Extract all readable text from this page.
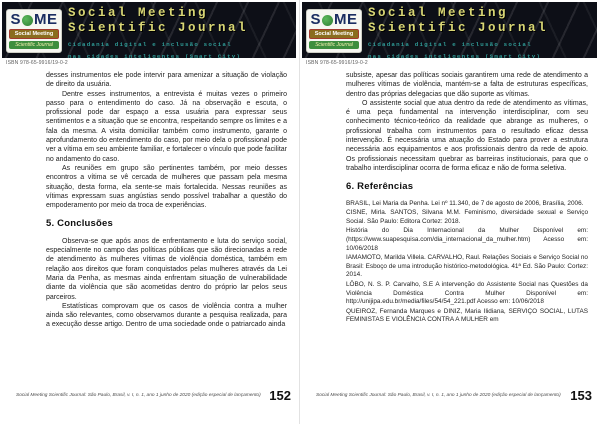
S ME
Social Meeting
Scientific Journal
Social Meeting
Scientific Journal
Cidadania digital e inclusão social
nas cidades inteligentes (Smart City)
ISBN 978-65-9916/19-0-2

desses instrumentos ele pode intervir para amenizar a situação de violação de direito da usuária.

Dentre esses instrumentos, a entrevista é muitas vezes o primeiro passo para o entendimento do caso. Já na observação e escuta, o profissional pode dar espaço a essa usuária para expressar seus sentimentos e a situação que se encontra, respeitando sempre os limites e a fala da mesma. A visita domiciliar também como instrumento, garante o aprofundamento do entendimento do caso, por meio dela o profissional pode ver a vítima em seu ambiente familiar, e fortalecer o vínculo que pode facilitar no andamento do caso.

As reuniões em grupo são pertinentes também, por meio desses encontros a vítima se vê cercada de mulheres que passam pela mesma situação, desta forma, ela sente-se mais fortalecida. Nessas reuniões as vítimas expressam suas angústias sendo possível trabalhar a questão do empoderamento por meio da troca de experiências.

5. Conclusões

Observa-se que após anos de enfrentamento e luta do serviço social, especialmente no campo das políticas públicas que são direcionadas a rede de atendimento às mulheres vítimas de violência doméstica, também em relação aos direitos que foram conquistados pelas mulheres através da Lei Maria da Penha, as mesmas ainda enfrentam situação de vulnerabilidade diante da violência que são acometidas dentro do próprio lar pelos seus parceiros.

Estatísticas comprovam que os casos de violência contra a mulher ainda são relevantes, como observamos durante a pesquisa realizada, para a execução desse artigo. Dentro de uma sociedade onde o patriarcado ainda

Social Meeting Scientific Journal: São Paulo, Brasil, v. I, n. 1, ano 1 junho de 2020 (edição especial de lançamento) 152
S ME
Social Meeting
Scientific Journal
Social Meeting
Scientific Journal
Cidadania digital e inclusão social
nas cidades inteligentes (Smart City)
ISBN 978-65-9916/19-0-2

subsiste, apesar das políticas sociais garantirem uma rede de atendimento a mulheres vítimas de violência, mantém-se a falta de estruturas específicas, dentro das próprias delegacias que dão suporte as vítimas.

O assistente social que atua dentro da rede de atendimento as vítimas, é uma peça fundamental na intervenção interdisciplinar, com seu conhecimento técnico-teórico da realidade que abrange as mulheres, o profissional trabalha com instrumentos para o resultado eficaz dessa intervenção. É necessária uma atuação do Estado para prover a estrutura necessária aos equipamentos e aos profissionais dentro da rede de apoio. Os profissionais necessitam quebrar as barreiras institucionais, para que o trabalho interdisciplinar ocorra de forma eficaz e não de forma seletiva.

6. Referências

BRASIL, Lei Maria da Penha. Lei nº 11.340, de 7 de agosto de 2006, Brasília, 2006.

CISNE, Mirla. SANTOS, Silvana M.M. Feminismo, diversidade sexual e Serviço Social. São Paulo: Editora Cortez: 2018.

História do Dia Internacional da Mulher Disponível em: (https://www.suapesquisa.com/dia_internacional_da_mulher.htm) Acesso em: 10/06/2018

IAMAMOTO, Marilda Villela. CARVALHO, Raul. Relações Sociais e Serviço Social no Brasil: Esboço de uma introdução histórico-metodológica. 41ª Ed. São Paulo: Cortez: 2014.

LÔBO, N. S. P. Carvalho, S.E A intervenção do Assistente Social nas Questões da Violência Doméstica Contra Mulher Disponível em: http://unijipa.edu.br/media/files/54/54_221.pdf Acesso em: 10/06/2018

QUEIROZ, Fernanda Marques e DINIZ, Maria Ilidiana, SERVIÇO SOCIAL, LUTAS FEMINISTAS E VIOLÊNCIA CONTRA A MULHER em

Social Meeting Scientific Journal: São Paulo, Brasil, v. I, n. 1, ano 1 junho de 2020 (edição especial de lançamento) 153
